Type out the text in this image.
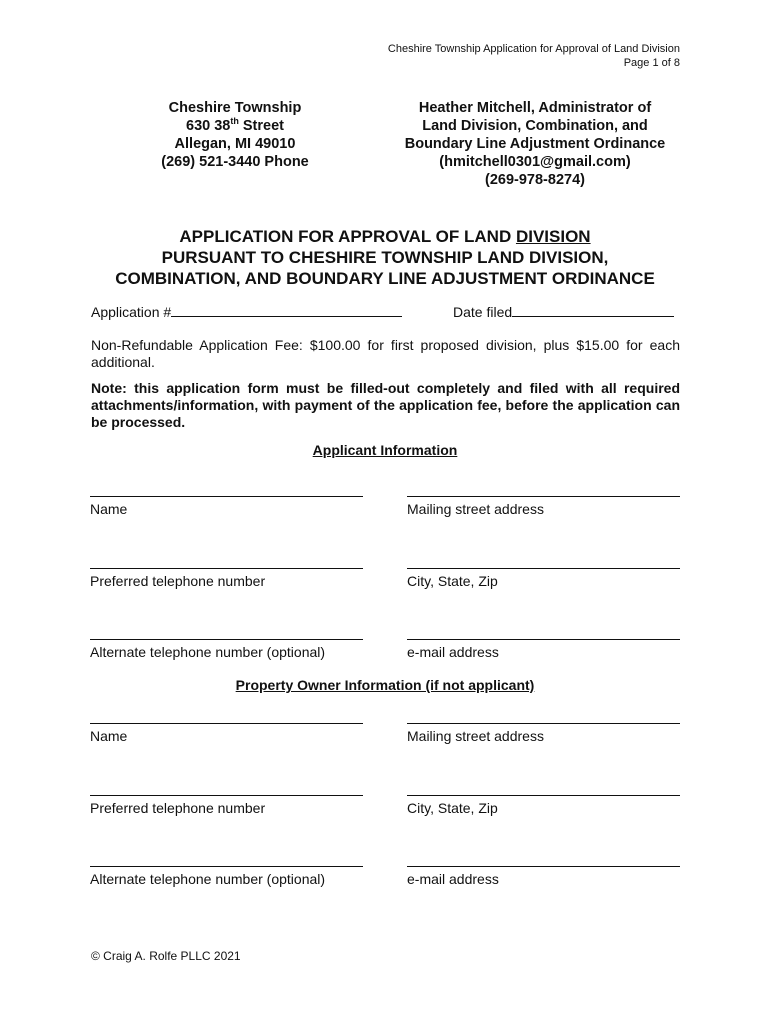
Cheshire Township Application for Approval of Land Division
Page 1 of 8
Cheshire Township
630 38th Street
Allegan, MI 49010
(269) 521-3440 Phone
Heather Mitchell, Administrator of
Land Division, Combination, and
Boundary Line Adjustment Ordinance
(hmitchell0301@gmail.com)
(269-978-8274)
APPLICATION FOR APPROVAL OF LAND DIVISION
PURSUANT TO CHESHIRE TOWNSHIP LAND DIVISION,
COMBINATION, AND BOUNDARY LINE ADJUSTMENT ORDINANCE
Application #	Date filed
Non-Refundable Application Fee: $100.00 for first proposed division, plus $15.00 for each additional.
Note: this application form must be filled-out completely and filed with all required attachments/information, with payment of the application fee, before the application can be processed.
Applicant Information
Name	Mailing street address
Preferred telephone number	City, State, Zip
Alternate telephone number (optional)	e-mail address
Property Owner Information (if not applicant)
Name	Mailing street address
Preferred telephone number	City, State, Zip
Alternate telephone number (optional)	e-mail address
© Craig A. Rolfe PLLC 2021
